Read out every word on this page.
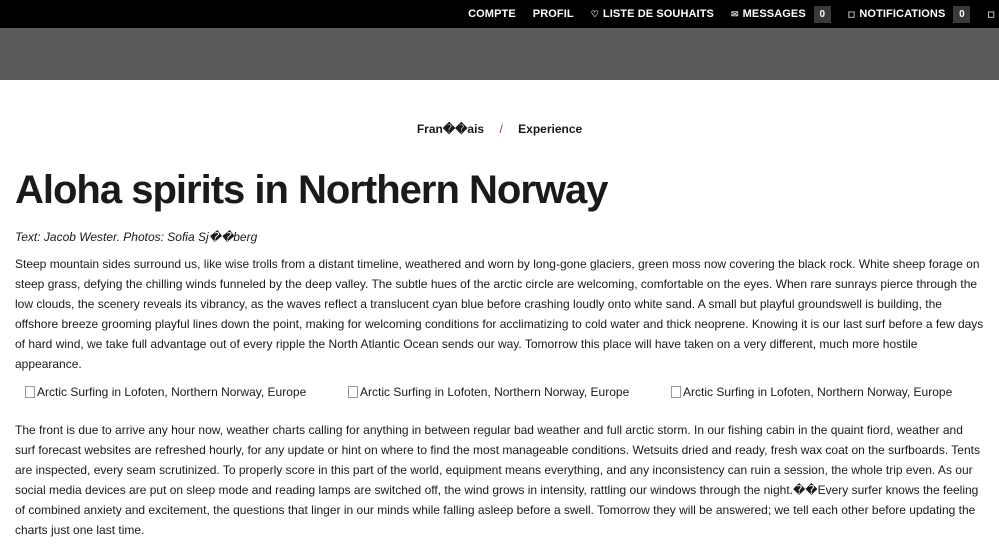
COMPTE PROFIL ♡ LISTE DE SOUHAITS ✉ MESSAGES	0	◻ NOTIFICATIONS	0	◻
Fran��ais / Experience
Aloha spirits in Northern Norway
Text: Jacob Wester. Photos: Sofia Sj��berg
Steep mountain sides surround us, like wise trolls from a distant timeline, weathered and worn by long-gone glaciers, green moss now covering the black rock. White sheep forage on steep grass, defying the chilling winds funneled by the deep valley. The subtle hues of the arctic circle are welcoming, comfortable on the eyes. When rare sunrays pierce through the low clouds, the scenery reveals its vibrancy, as the waves reflect a translucent cyan blue before crashing loudly onto white sand. A small but playful groundswell is building, the offshore breeze grooming playful lines down the point, making for welcoming conditions for acclimatizing to cold water and thick neoprene. Knowing it is our last surf before a few days of hard wind, we take full advantage out of every ripple the North Atlantic Ocean sends our way. Tomorrow this place will have taken on a very different, much more hostile appearance.
Arctic Surfing in Lofoten, Northern Norway, Europe	Arctic Surfing in Lofoten, Northern Norway, Europe	Arctic Surfing in Lofoten, Northern Norway, Europe
The front is due to arrive any hour now, weather charts calling for anything in between regular bad weather and full arctic storm. In our fishing cabin in the quaint fiord, weather and surf forecast websites are refreshed hourly, for any update or hint on where to find the most manageable conditions. Wetsuits dried and ready, fresh wax coat on the surfboards. Tents are inspected, every seam scrutinized. To properly score in this part of the world, equipment means everything, and any inconsistency can ruin a session, the whole trip even. As our social media devices are put on sleep mode and reading lamps are switched off, the wind grows in intensity, rattling our windows through the night.��Every surfer knows the feeling of combined anxiety and excitement, the questions that linger in our minds while falling asleep before a swell. Tomorrow they will be answered; we tell each other before updating the charts just one last time.
